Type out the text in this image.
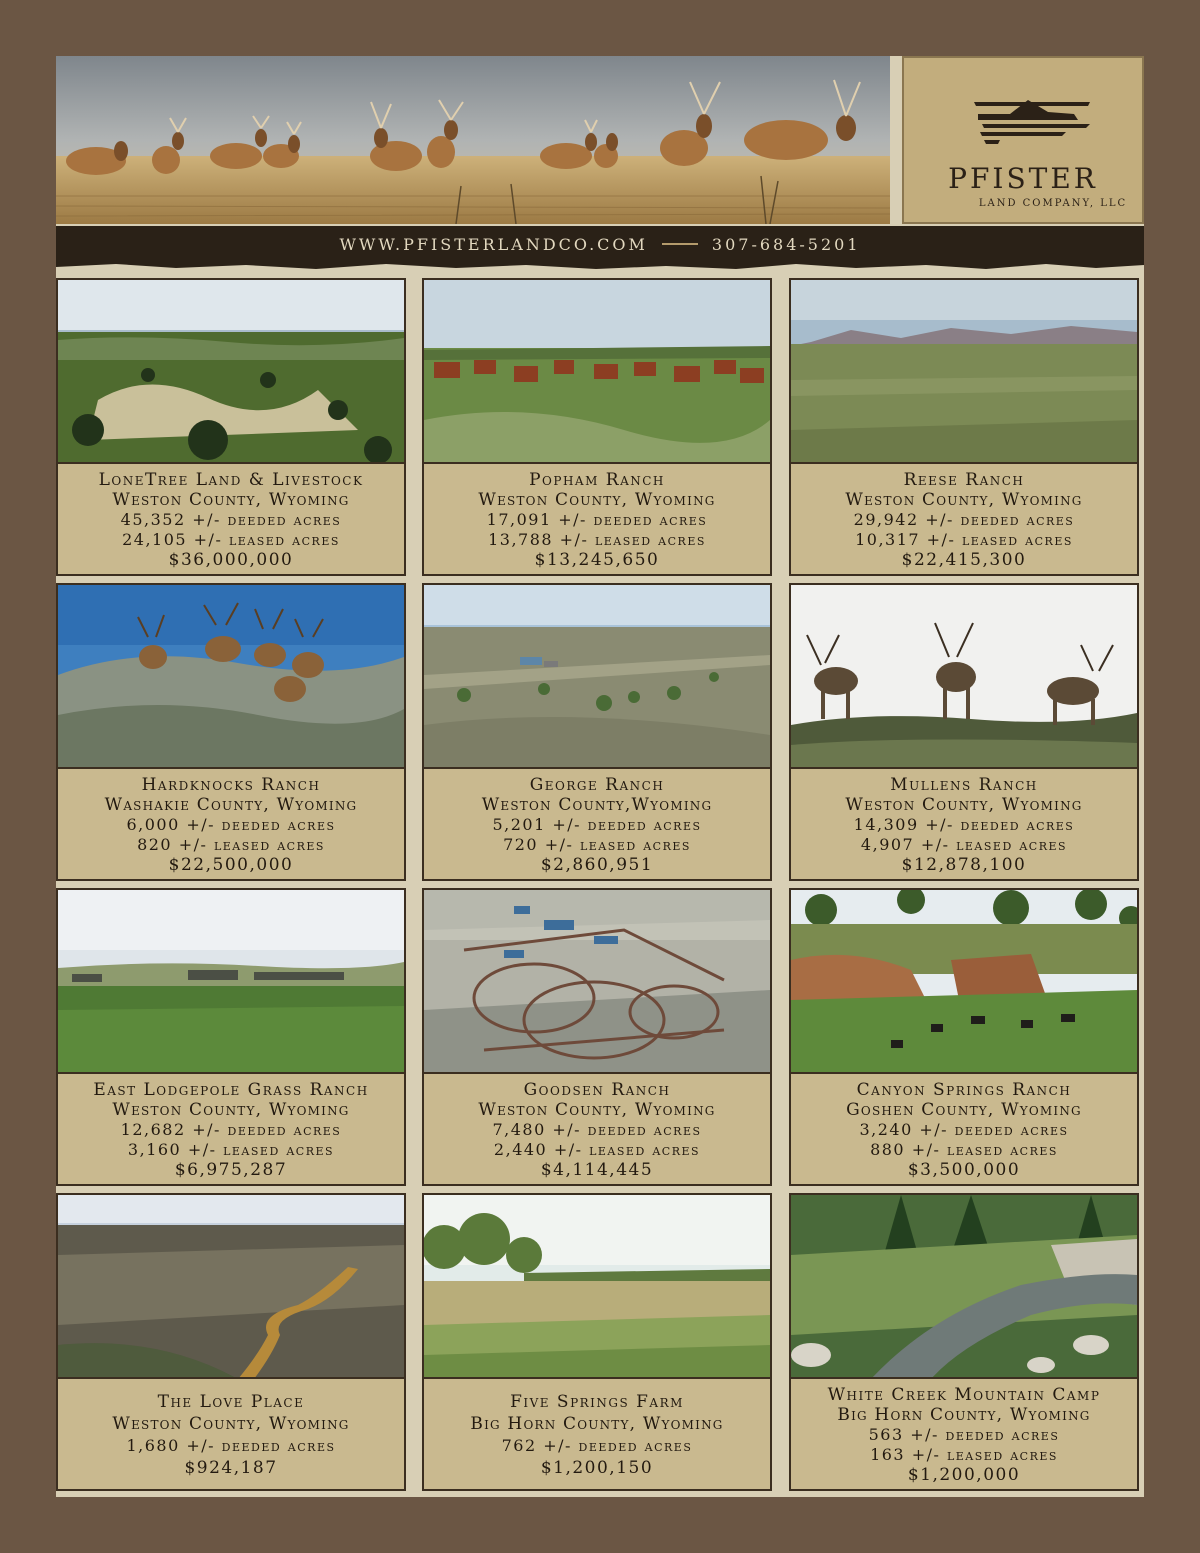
PFISTER
LAND COMPANY, LLC
WWW.PFISTERLANDCO.COM	307-684-5201
LoneTree Land & Livestock
Weston County, Wyoming
45,352 +/- deeded acres
24,105 +/- leased acres
$36,000,000
Popham Ranch
Weston County, Wyoming
17,091 +/- deeded acres
13,788 +/- leased acres
$13,245,650
Reese Ranch
Weston County, Wyoming
29,942 +/- deeded acres
10,317 +/- leased acres
$22,415,300
Hardknocks Ranch
Washakie County, Wyoming
6,000 +/- deeded acres
820 +/- leased acres
$22,500,000
George Ranch
Weston County,Wyoming
5,201 +/- deeded acres
720 +/- leased acres
$2,860,951
Mullens Ranch
Weston County, Wyoming
14,309 +/- deeded acres
4,907 +/- leased acres
$12,878,100
East Lodgepole Grass Ranch
Weston County, Wyoming
12,682 +/- deeded acres
3,160 +/- leased acres
$6,975,287
Goodsen Ranch
Weston County, Wyoming
7,480 +/- deeded acres
2,440 +/- leased acres
$4,114,445
Canyon Springs Ranch
Goshen County, Wyoming
3,240 +/- deeded acres
880 +/- leased acres
$3,500,000
The Love Place
Weston County, Wyoming
1,680 +/- deeded acres
$924,187
Five Springs Farm
Big Horn County, Wyoming
762 +/- deeded acres
$1,200,150
White Creek Mountain Camp
Big Horn County, Wyoming
563 +/- deeded acres
163 +/- leased acres
$1,200,000
